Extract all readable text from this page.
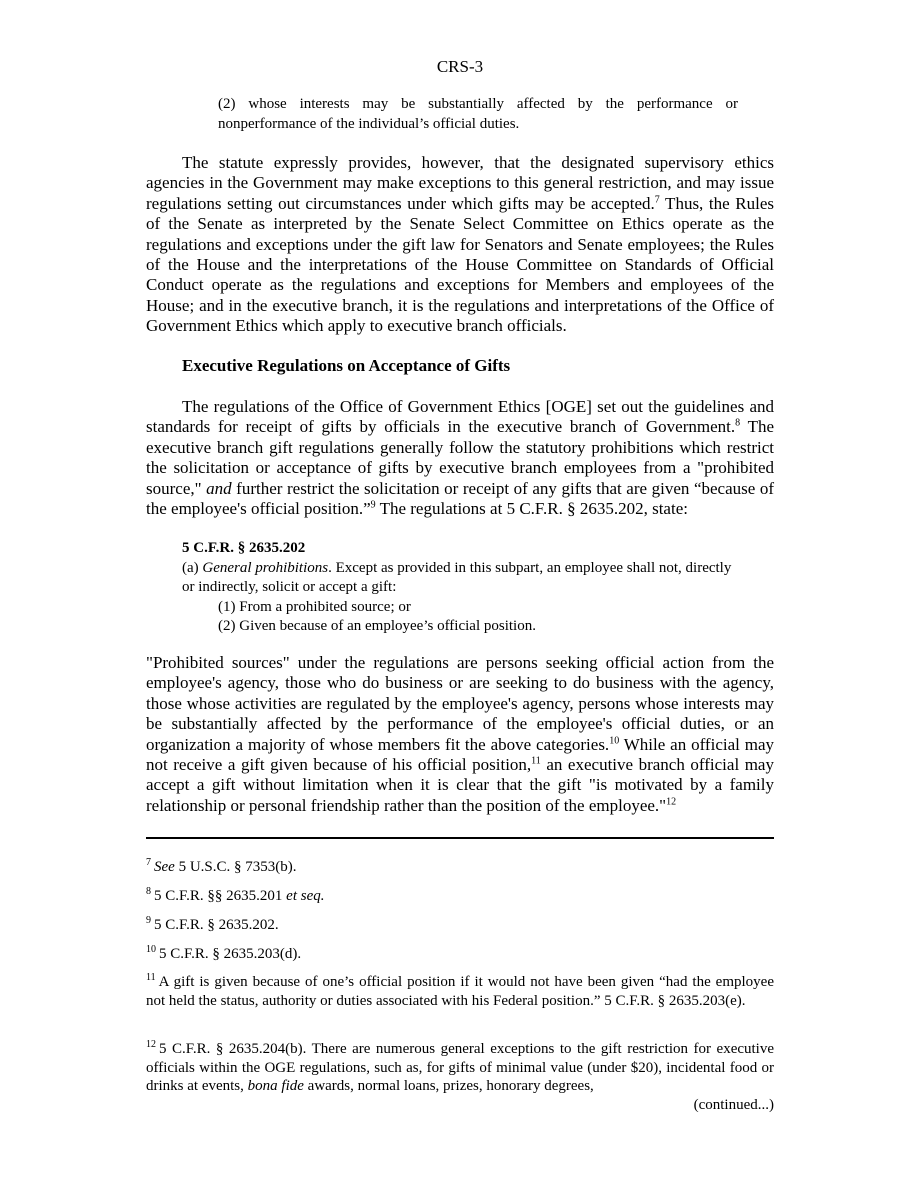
CRS-3

(2) whose interests may be substantially affected by the performance or nonperformance of the individual’s official duties.

The statute expressly provides, however, that the designated supervisory ethics agencies in the Government may make exceptions to this general restriction, and may issue regulations setting out circumstances under which gifts may be accepted.$^7$ Thus, the Rules of the Senate as interpreted by the Senate Select Committee on Ethics operate as the regulations and exceptions under the gift law for Senators and Senate employees; the Rules of the House and the interpretations of the House Committee on Standards of Official Conduct operate as the regulations and exceptions for Members and employees of the House; and in the executive branch, it is the regulations and interpretations of the Office of Government Ethics which apply to executive branch officials.

Executive Regulations on Acceptance of Gifts

The regulations of the Office of Government Ethics [OGE] set out the guidelines and standards for receipt of gifts by officials in the executive branch of Government.$^8$ The executive branch gift regulations generally follow the statutory prohibitions which restrict the solicitation or acceptance of gifts by executive branch employees from a "prohibited source," and further restrict the solicitation or receipt of any gifts that are given “because of the employee's official position.”$^9$ The regulations at 5 C.F.R. § 2635.202, state:

5 C.F.R. § 2635.202

(a) General prohibitions. Except as provided in this subpart, an employee shall not, directly or indirectly, solicit or accept a gift:

(1) From a prohibited source; or

(2) Given because of an employee’s official position.

"Prohibited sources" under the regulations are persons seeking official action from the employee's agency, those who do business or are seeking to do business with the agency, those whose activities are regulated by the employee's agency, persons whose interests may be substantially affected by the performance of the employee's official duties, or an organization a majority of whose members fit the above categories.$^{10}$ While an official may not receive a gift given because of his official position,$^{11}$ an executive branch official may accept a gift without limitation when it is clear that the gift "is motivated by a family relationship or personal friendship rather than the position of the employee."$^{12}$

$^7$ See 5 U.S.C. § 7353(b).

$^8$ 5 C.F.R. §§ 2635.201 et seq.

$^9$ 5 C.F.R. § 2635.202.

$^{10}$ 5 C.F.R. § 2635.203(d).

$^{11}$ A gift is given because of one’s official position if it would not have been given “had the employee not held the status, authority or duties associated with his Federal position.” 5 C.F.R. § 2635.203(e).

$^{12}$ 5 C.F.R. § 2635.204(b). There are numerous general exceptions to the gift restriction for executive officials within the OGE regulations, such as, for gifts of minimal value (under $20), incidental food or drinks at events, bona fide awards, normal loans, prizes, honorary degrees,

(continued...)
